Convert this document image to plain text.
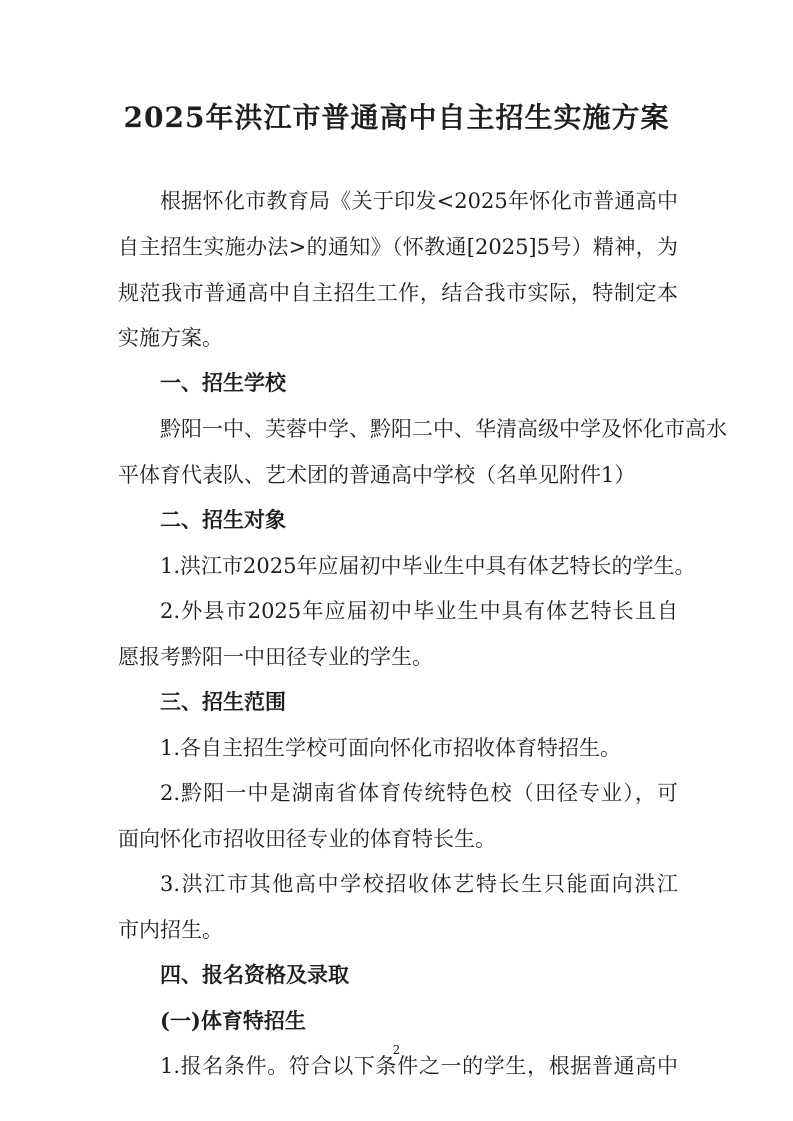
2025年洪江市普通高中自主招生实施方案
根据怀化市教育局《关于印发<2025年怀化市普通高中
自主招生实施办法>的通知》（怀教通[2025]5号）精神，为
规范我市普通高中自主招生工作，结合我市实际，特制定本
实施方案。
一、招生学校
黔阳一中、芙蓉中学、黔阳二中、华清高级中学及怀化市高水
平体育代表队、艺术团的普通高中学校（名单见附件1）
二、招生对象
1.洪江市2025年应届初中毕业生中具有体艺特长的学生。
2.外县市2025年应届初中毕业生中具有体艺特长且自
愿报考黔阳一中田径专业的学生。
三、招生范围
1.各自主招生学校可面向怀化市招收体育特招生。
2.黔阳一中是湖南省体育传统特色校（田径专业），可
面向怀化市招收田径专业的体育特长生。
3.洪江市其他高中学校招收体艺特长生只能面向洪江
市内招生。
四、报名资格及录取
(一)体育特招生
1.报名条件。符合以下条件之一的学生，根据普通高中
2
